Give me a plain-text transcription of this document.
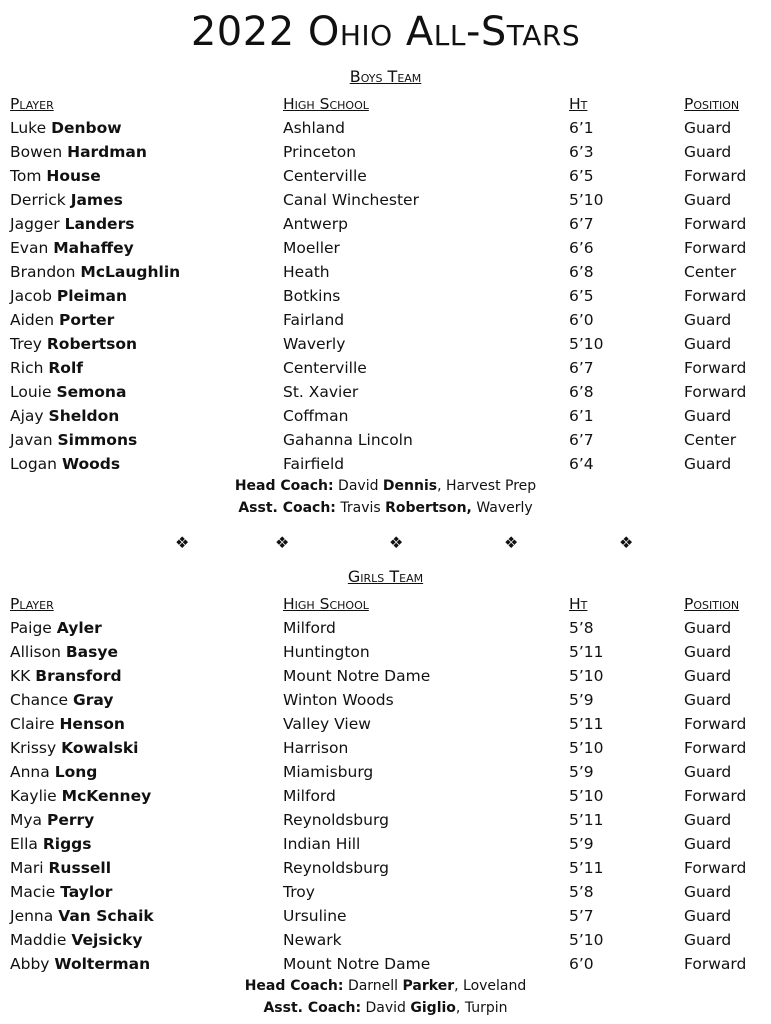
2022 Ohio All-Stars
Boys Team
Player	High School	Ht	Position
Luke Denbow	Ashland	6’1	Guard
Bowen Hardman	Princeton	6’3	Guard
Tom House	Centerville	6’5	Forward
Derrick James	Canal Winchester	5’10	Guard
Jagger Landers	Antwerp	6’7	Forward
Evan Mahaffey	Moeller	6’6	Forward
Brandon McLaughlin	Heath	6’8	Center
Jacob Pleiman	Botkins	6’5	Forward
Aiden Porter	Fairland	6’0	Guard
Trey Robertson	Waverly	5’10	Guard
Rich Rolf	Centerville	6’7	Forward
Louie Semona	St. Xavier	6’8	Forward
Ajay Sheldon	Coffman	6’1	Guard
Javan Simmons	Gahanna Lincoln	6’7	Center
Logan Woods	Fairfield	6’4	Guard
Head Coach: David Dennis, Harvest Prep
Asst. Coach: Travis Robertson, Waverly
❖	❖	❖	❖	❖
Girls Team
Player	High School	Ht	Position
Paige Ayler	Milford	5’8	Guard
Allison Basye	Huntington	5’11	Guard
KK Bransford	Mount Notre Dame	5’10	Guard
Chance Gray	Winton Woods	5’9	Guard
Claire Henson	Valley View	5’11	Forward
Krissy Kowalski	Harrison	5’10	Forward
Anna Long	Miamisburg	5’9	Guard
Kaylie McKenney	Milford	5’10	Forward
Mya Perry	Reynoldsburg	5’11	Guard
Ella Riggs	Indian Hill	5’9	Guard
Mari Russell	Reynoldsburg	5’11	Forward
Macie Taylor	Troy	5’8	Guard
Jenna Van Schaik	Ursuline	5’7	Guard
Maddie Vejsicky	Newark	5’10	Guard
Abby Wolterman	Mount Notre Dame	6’0	Forward
Head Coach: Darnell Parker, Loveland
Asst. Coach: David Giglio, Turpin
